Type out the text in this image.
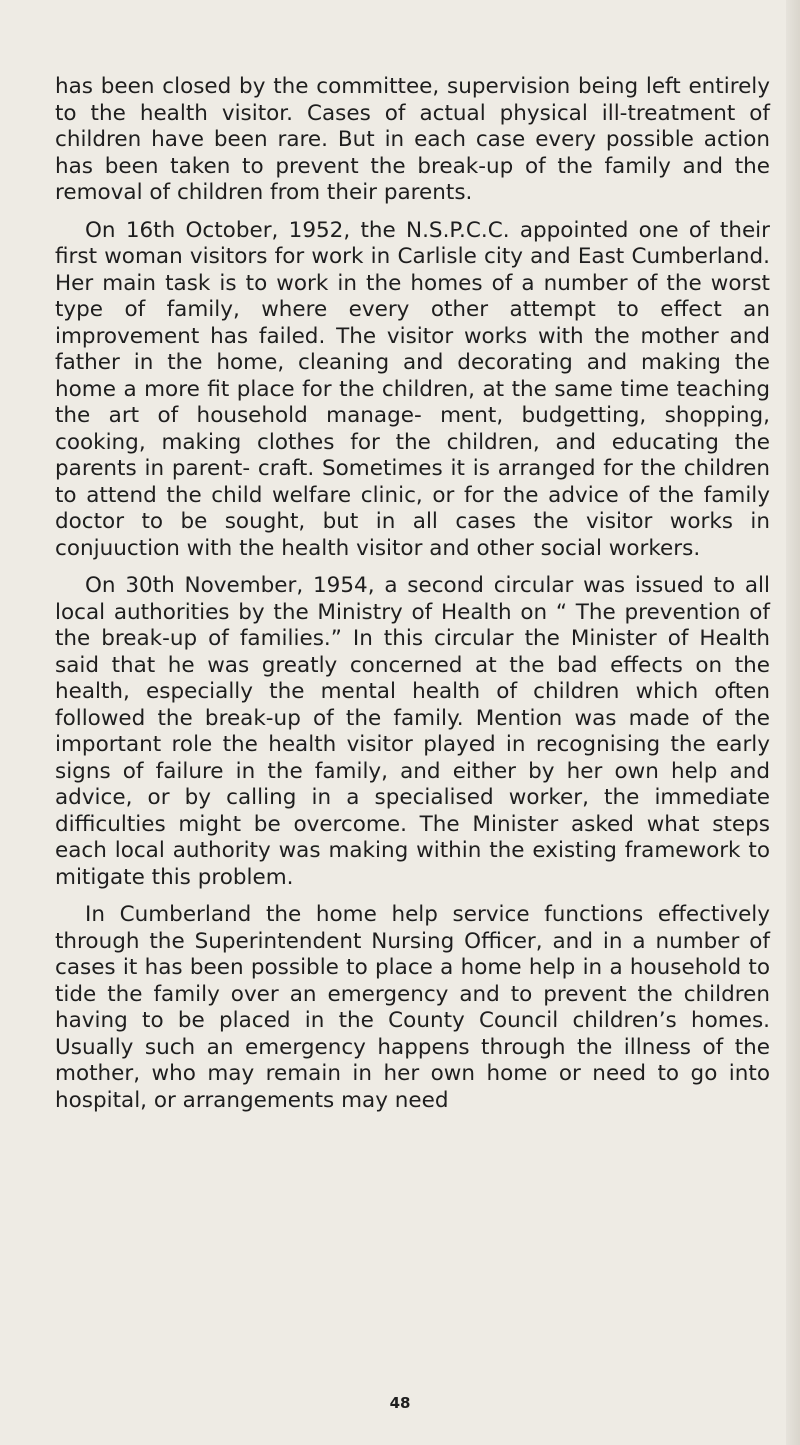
has been closed by the committee, supervision being left entirely to the health visitor. Cases of actual physical ill-treatment of children have been rare. But in each case every possible action has been taken to prevent the break-up of the family and the removal of children from their parents.

On 16th October, 1952, the N.S.P.C.C. appointed one of their first woman visitors for work in Carlisle city and East Cumberland. Her main task is to work in the homes of a number of the worst type of family, where every other attempt to effect an improvement has failed. The visitor works with the mother and father in the home, cleaning and decorating and making the home a more fit place for the children, at the same time teaching the art of household manage- ment, budgetting, shopping, cooking, making clothes for the children, and educating the parents in parent- craft. Sometimes it is arranged for the children to attend the child welfare clinic, or for the advice of the family doctor to be sought, but in all cases the visitor works in conjuuction with the health visitor and other social workers.

On 30th November, 1954, a second circular was issued to all local authorities by the Ministry of Health on “ The prevention of the break-up of families.” In this circular the Minister of Health said that he was greatly concerned at the bad effects on the health, especially the mental health of children which often followed the break-up of the family. Mention was made of the important role the health visitor played in recognising the early signs of failure in the family, and either by her own help and advice, or by calling in a specialised worker, the immediate difficulties might be overcome. The Minister asked what steps each local authority was making within the existing framework to mitigate this problem.

In Cumberland the home help service functions effectively through the Superintendent Nursing Officer, and in a number of cases it has been possible to place a home help in a household to tide the family over an emergency and to prevent the children having to be placed in the County Council children’s homes. Usually such an emergency happens through the illness of the mother, who may remain in her own home or need to go into hospital, or arrangements may need

48
